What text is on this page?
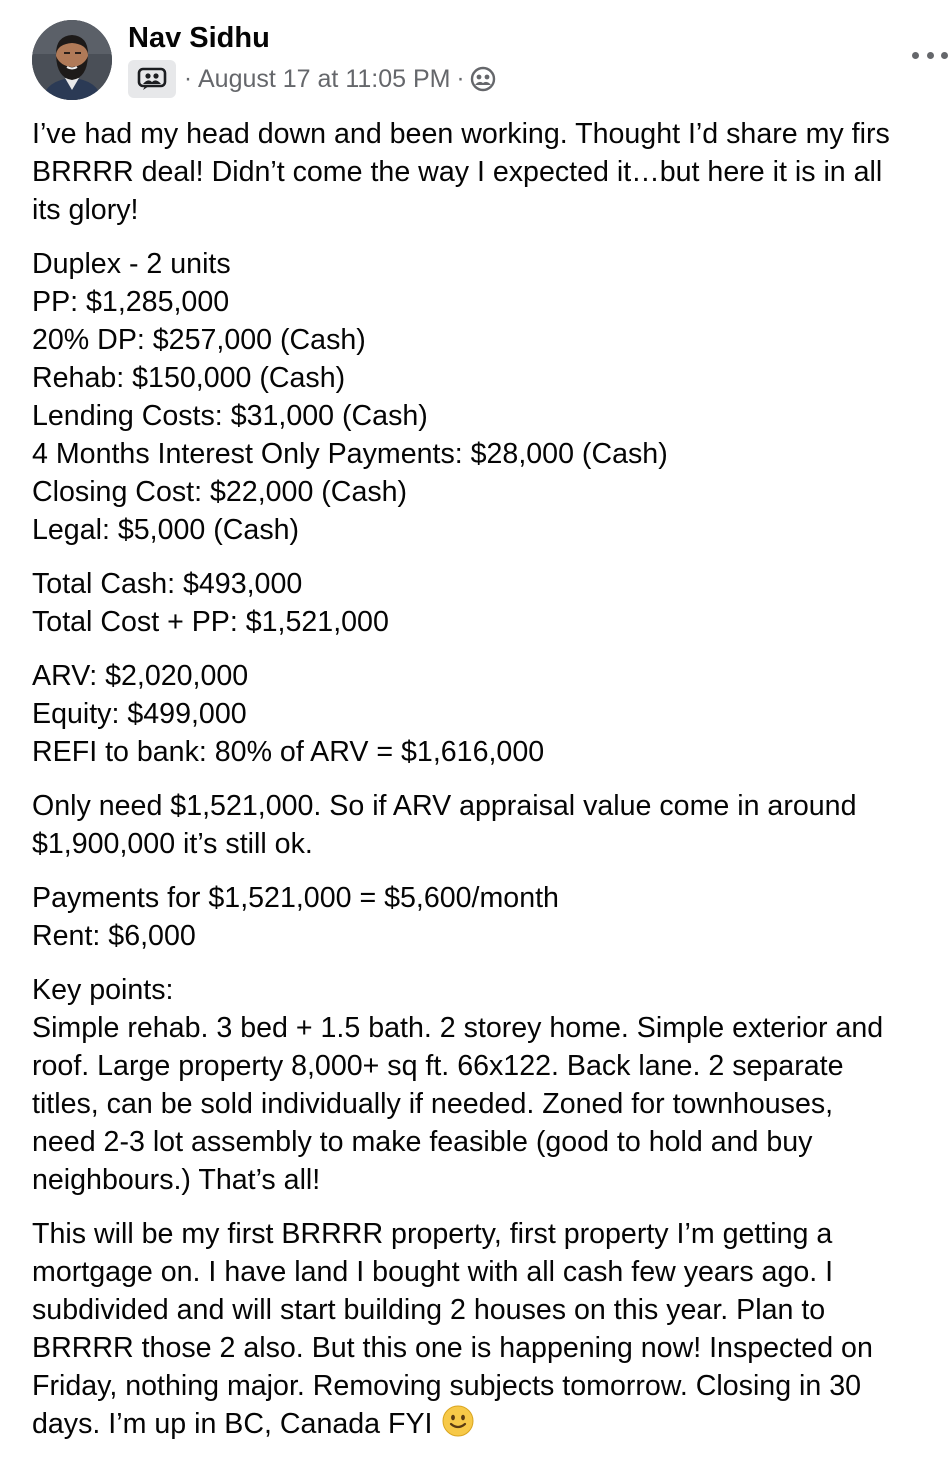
Nav Sidhu
· August 17 at 11:05 PM ·
I’ve had my head down and been working. Thought I’d share my firs
BRRRR deal! Didn’t come the way I expected it…but here it is in all
its glory!
Duplex - 2 units
PP: $1,285,000
20% DP: $257,000 (Cash)
Rehab: $150,000 (Cash)
Lending Costs: $31,000 (Cash)
4 Months Interest Only Payments: $28,000 (Cash)
Closing Cost: $22,000 (Cash)
Legal: $5,000 (Cash)
Total Cash: $493,000
Total Cost + PP: $1,521,000
ARV: $2,020,000
Equity: $499,000
REFI to bank: 80% of ARV = $1,616,000
Only need $1,521,000. So if ARV appraisal value come in around
$1,900,000 it’s still ok.
Payments for $1,521,000 = $5,600/month
Rent: $6,000
Key points:
Simple rehab. 3 bed + 1.5 bath. 2 storey home. Simple exterior and
roof. Large property 8,000+ sq ft. 66x122. Back lane. 2 separate
titles, can be sold individually if needed. Zoned for townhouses,
need 2-3 lot assembly to make feasible (good to hold and buy
neighbours.) That’s all!
This will be my first BRRRR property, first property I’m getting a
mortgage on. I have land I bought with all cash few years ago. I
subdivided and will start building 2 houses on this year. Plan to
BRRRR those 2 also. But this one is happening now! Inspected on
Friday, nothing major. Removing subjects tomorrow. Closing in 30
days. I’m up in BC, Canada FYI
